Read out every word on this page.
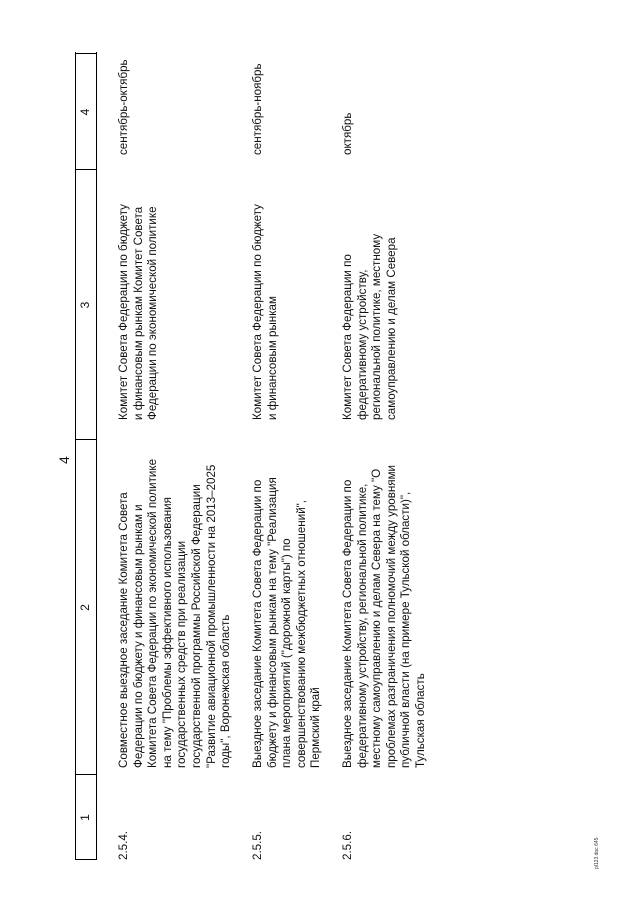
4
1
2
3
4
2.5.4.
Совместное выездное заседание Комитета Совета Федерации по бюджету и финансовым рынкам и Комитета Совета Федерации по экономической политике на тему "Проблемы эффективного использования государственных средств при реализации государственной программы Российской Федерации "Развитие авиационной промышленности на 2013–2025 годы", Воронежская область
Комитет Совета Федерации по бюджету и финансовым рынкам Комитет Совета Федерации по экономической политике
сентябрь-октябрь
2.5.5.
Выездное заседание Комитета Совета Федерации по бюджету и финансовым рынкам на тему "Реализация плана мероприятий ("дорожной карты") по совершенствованию межбюджетных отношений", Пермский край
Комитет Совета Федерации по бюджету и финансовым рынкам
сентябрь-ноябрь
2.5.6.
Выездное заседание Комитета Совета Федерации по федеративному устройству, региональной политике, местному самоуправлению и делам Севера на тему "О проблемах разграничения полномочий между уровнями публичной власти (на примере Тульской области)", Тульская область
Комитет Совета Федерации по федеративному устройству, региональной политике, местному самоуправлению и делам Севера
октябрь
pl123.doc 645
